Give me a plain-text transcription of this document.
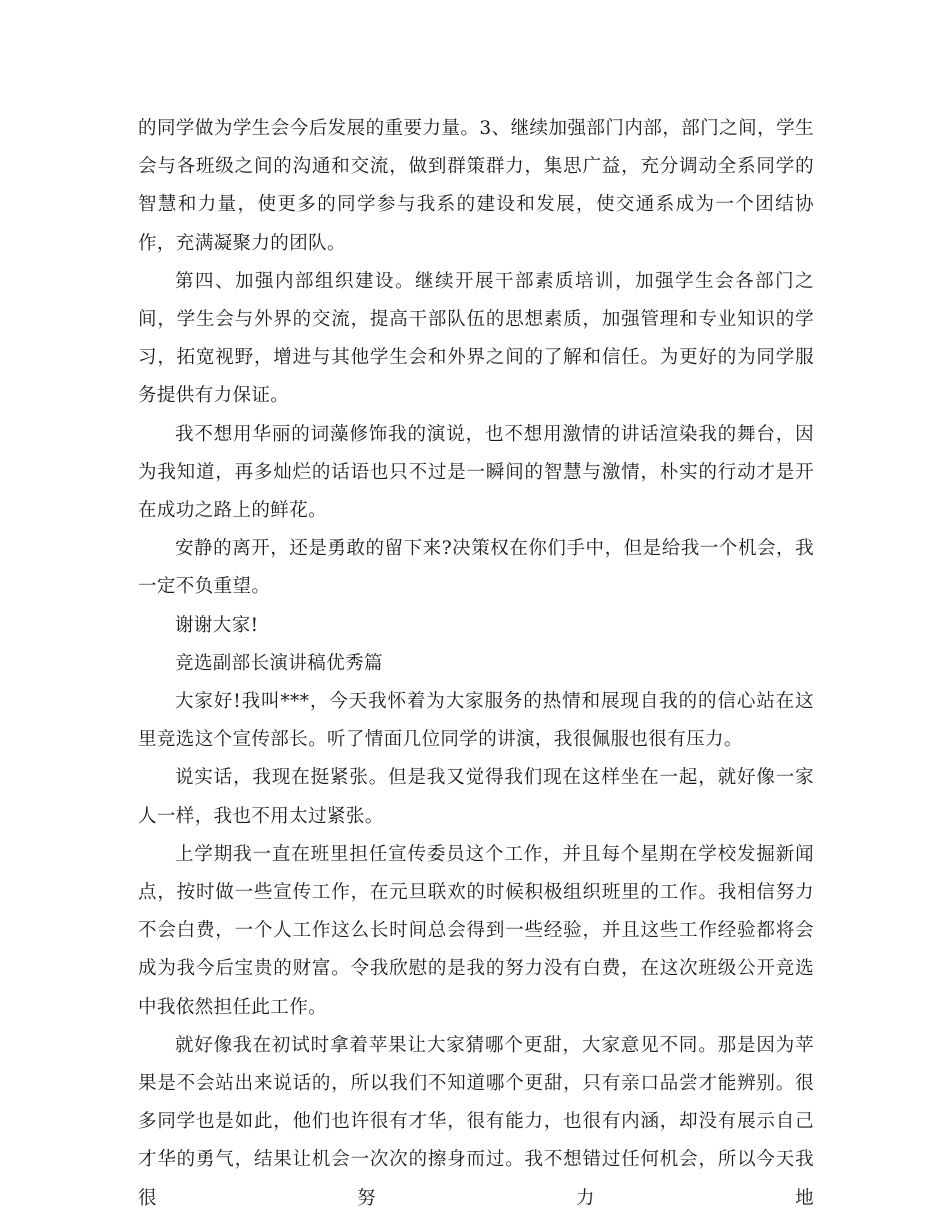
的同学做为学生会今后发展的重要力量。3、继续加强部门内部，部门之间，学生会与各班级之间的沟通和交流，做到群策群力，集思广益，充分调动全系同学的智慧和力量，使更多的同学参与我系的建设和发展，使交通系成为一个团结协作，充满凝聚力的团队。

第四、加强内部组织建设。继续开展干部素质培训，加强学生会各部门之间，学生会与外界的交流，提高干部队伍的思想素质，加强管理和专业知识的学习，拓宽视野，增进与其他学生会和外界之间的了解和信任。为更好的为同学服务提供有力保证。

我不想用华丽的词藻修饰我的演说，也不想用激情的讲话渲染我的舞台，因为我知道，再多灿烂的话语也只不过是一瞬间的智慧与激情，朴实的行动才是开在成功之路上的鲜花。

安静的离开，还是勇敢的留下来?决策权在你们手中，但是给我一个机会，我一定不负重望。

谢谢大家!

竞选副部长演讲稿优秀篇

大家好!我叫***，今天我怀着为大家服务的热情和展现自我的的信心站在这里竞选这个宣传部长。听了情面几位同学的讲演，我很佩服也很有压力。

说实话，我现在挺紧张。但是我又觉得我们现在这样坐在一起，就好像一家人一样，我也不用太过紧张。

上学期我一直在班里担任宣传委员这个工作，并且每个星期在学校发掘新闻点，按时做一些宣传工作，在元旦联欢的时候积极组织班里的工作。我相信努力不会白费，一个人工作这么长时间总会得到一些经验，并且这些工作经验都将会成为我今后宝贵的财富。令我欣慰的是我的努力没有白费，在这次班级公开竞选中我依然担任此工作。

就好像我在初试时拿着苹果让大家猜哪个更甜，大家意见不同。那是因为苹果是不会站出来说话的，所以我们不知道哪个更甜，只有亲口品尝才能辨别。很多同学也是如此，他们也许很有才华，很有能力，也很有内涵，却没有展示自己才华的勇气，结果让机会一次次的擦身而过。我不想错过任何机会，所以今天我很努力地
